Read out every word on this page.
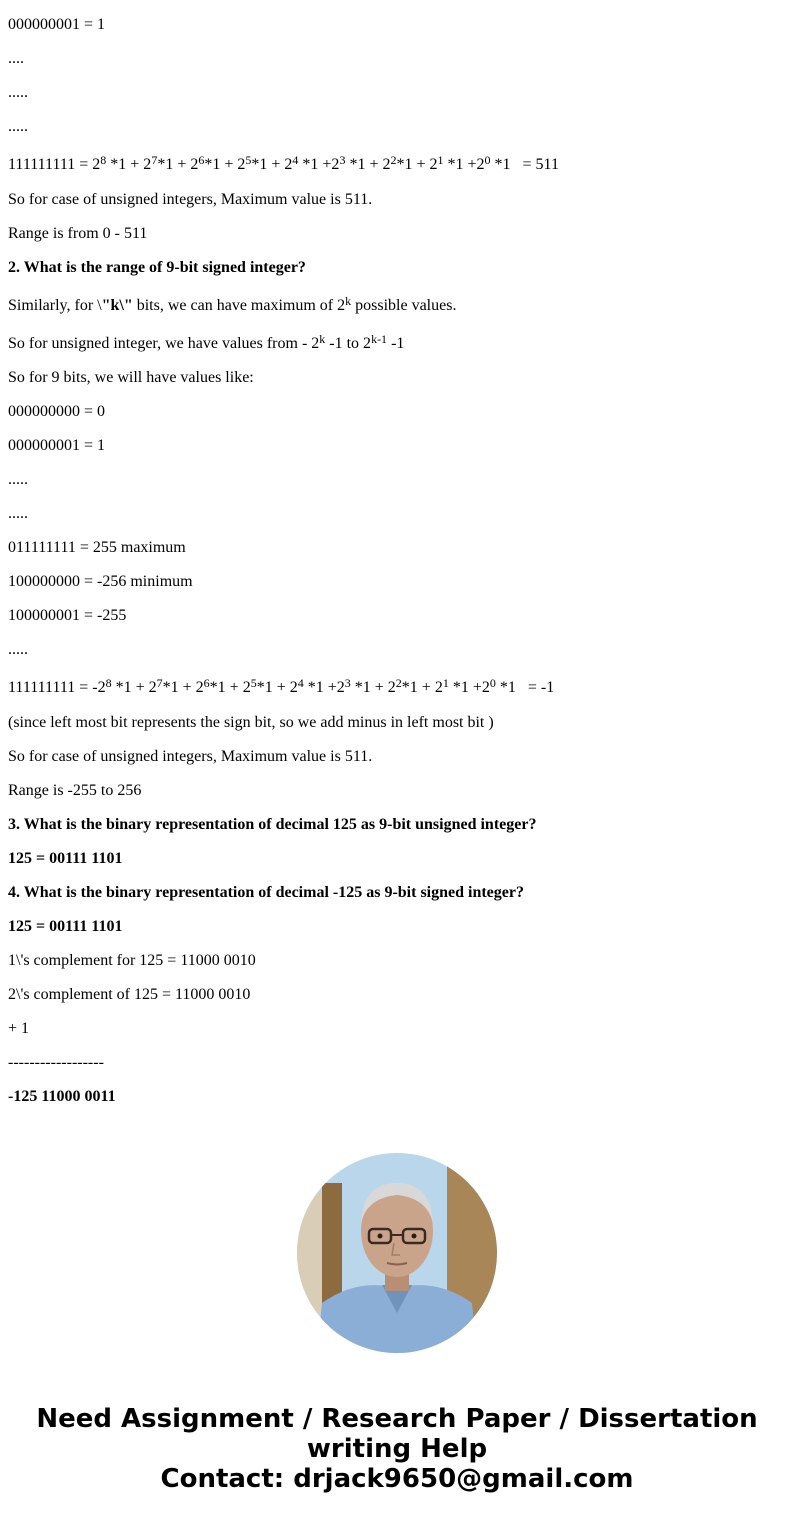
000000001 = 1

....

.....

.....

$111111111 = 2^8$ $*1 + 2^7*1 + 2^6*1 + 2^5*1 + 2^4$ $*1 +2^3$ $*1 + 2^2*1 + 2^1$ $*1 +2^0$ *1   = 511

So for case of unsigned integers, Maximum value is 511.

Range is from 0 - 511

2. What is the range of 9-bit signed integer?

Similarly, for \"k\" bits, we can have maximum of 2$^k$ possible values.

So for unsigned integer, we have values from - 2$^k$ -1 to 2$^{k-1}$ -1

So for 9 bits, we will have values like:

000000000 = 0

000000001 = 1

.....

.....

011111111 = 255 maximum

100000000 = -256 minimum

100000001 = -255

.....

$111111111 = -2^8$ $*1 + 2^7*1 + 2^6*1 + 2^5*1 + 2^4$ $*1 +2^3$ $*1 + 2^2*1 + 2^1$ $*1 +2^0$ *1   = -1

(since left most bit represents the sign bit, so we add minus in left most bit )

So for case of unsigned integers, Maximum value is 511.

Range is -255 to 256

3. What is the binary representation of decimal 125 as 9-bit unsigned integer?

125 = 00111 1101

4. What is the binary representation of decimal -125 as 9-bit signed integer?

125 = 00111 1101

1\'s complement for 125 = 11000 0010

2\'s complement of 125 = 11000 0010

+ 1

------------------

-125 11000 0011

Need Assignment / Research Paper / Dissertation
writing Help
Contact: drjack9650@gmail.com
